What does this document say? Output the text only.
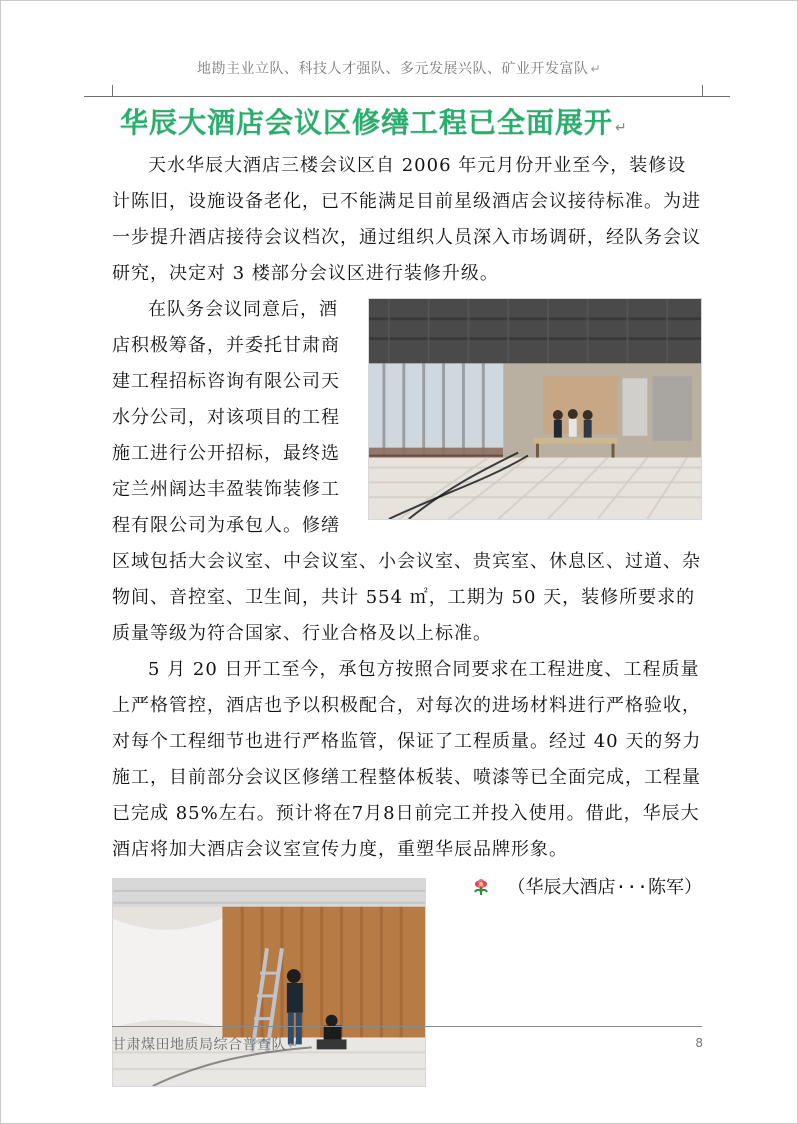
地勘主业立队、科技人才强队、多元发展兴队、矿业开发富队 ↵
华辰大酒店会议区修缮工程已全面展开 ↵

天水华辰大酒店三楼会议区自 2006 年元月份开业至今，装修设计陈旧，设施设备老化，已不能满足目前星级酒店会议接待标准。为进一步提升酒店接待会议档次，通过组织人员深入市场调研，经队务会议研究，决定对 3 楼部分会议区进行装修升级。

在队务会议同意后，酒店积极筹备，并委托甘肃商建工程招标咨询有限公司天水分公司，对该项目的工程施工进行公开招标，最终选定兰州阔达丰盈装饰装修工程有限公司为承包人。修缮区域包括大会议室、中会议室、小会议室、贵宾室、休息区、过道、杂物间、音控室、卫生间，共计 554 ㎡，工期为 50 天，装修所要求的质量等级为符合国家、行业合格及以上标准。

5 月 20 日开工至今，承包方按照合同要求在工程进度、工程质量上严格管控，酒店也予以积极配合，对每次的进场材料进行严格验收，对每个工程细节也进行严格监管，保证了工程质量。经过 40 天的努力施工，目前部分会议区修缮工程整体板装、喷漆等已全面完成，工程量已完成 85%左右。预计将在7月8日前完工并投入使用。借此，华辰大酒店将加大酒店会议室宣传力度，重塑华辰品牌形象。

（华辰大酒店···陈军）
甘肃煤田地质局综合普查队 ↵	8
